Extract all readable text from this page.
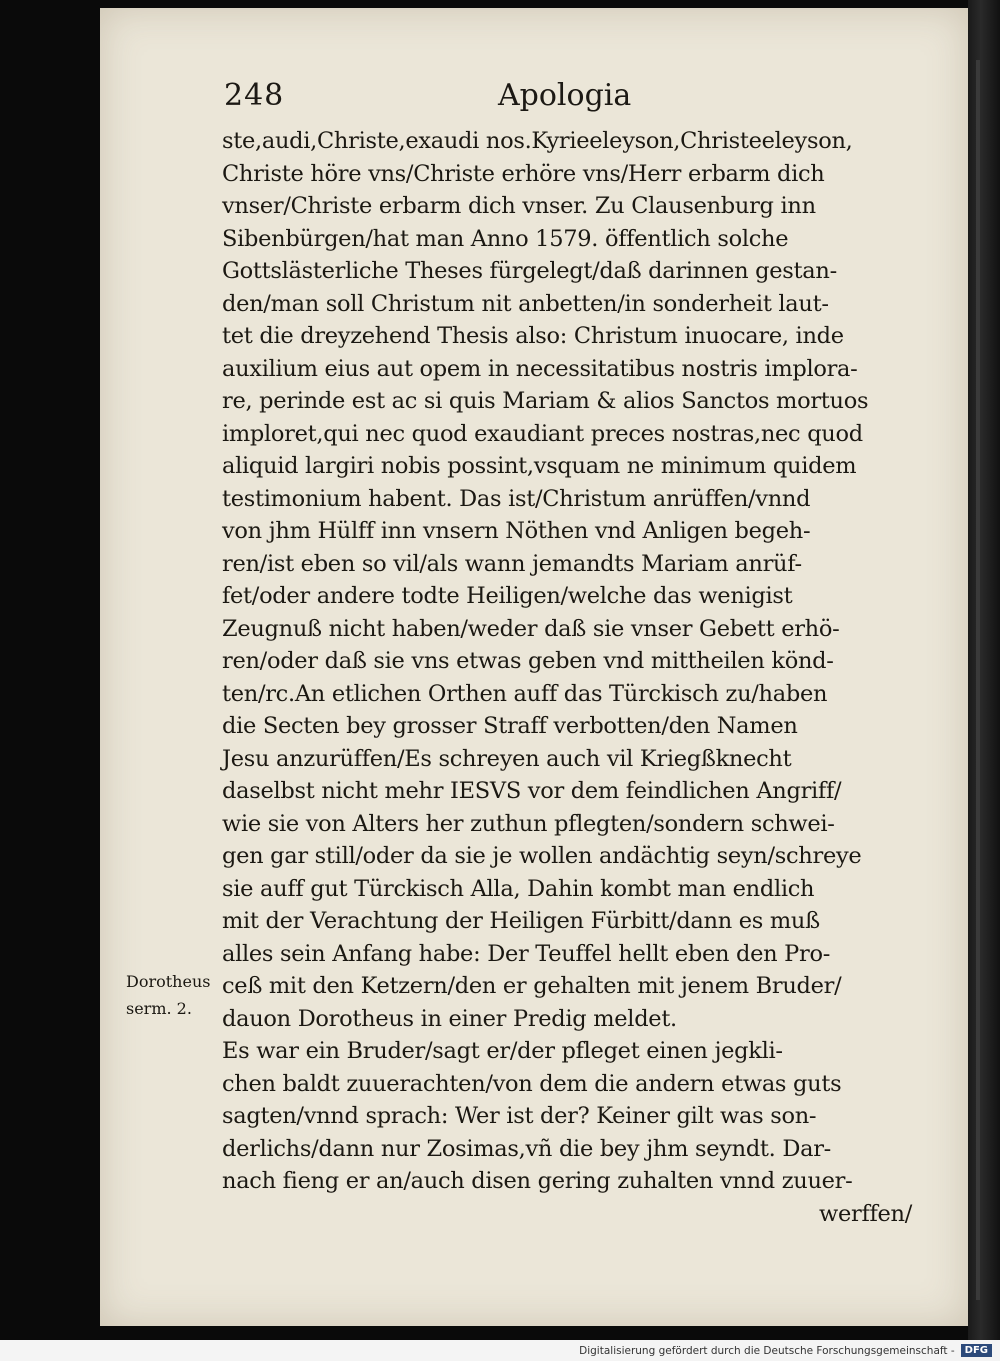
248	Apologia
ste,audi,Christe,exaudi nos.Kyrieeleyson,Christeeleyson,
Christe höre vns/Christe erhöre vns/Herr erbarm dich
vnser/Christe erbarm dich vnser. Zu Clausenburg inn
Sibenbürgen/hat man Anno 1579. öffentlich solche
Gottslästerliche Theses fürgelegt/daß darinnen gestan-
den/man soll Christum nit anbetten/in sonderheit laut-
tet die dreyzehend Thesis also: Christum inuocare, inde
auxilium eius aut opem in necessitatibus nostris implora-
re, perinde est ac si quis Mariam & alios Sanctos mortuos
imploret,qui nec quod exaudiant preces nostras,nec quod
aliquid largiri nobis possint,vsquam ne minimum quidem
testimonium habent. Das ist/Christum anrüffen/vnnd
von jhm Hülff inn vnsern Nöthen vnd Anligen begeh-
ren/ist eben so vil/als wann jemandts Mariam anrüf-
fet/oder andere todte Heiligen/welche das wenigist
Zeugnuß nicht haben/weder daß sie vnser Gebett erhö-
ren/oder daß sie vns etwas geben vnd mittheilen könd-
ten/rc.An etlichen Orthen auff das Türckisch zu/haben
die Secten bey grosser Straff verbotten/den Namen
Jesu anzurüffen/Es schreyen auch vil Kriegßknecht
daselbst nicht mehr IESVS vor dem feindlichen Angriff/
wie sie von Alters her zuthun pflegten/sondern schwei-
gen gar still/oder da sie je wollen andächtig seyn/schreye
sie auff gut Türckisch Alla, Dahin kombt man endlich
mit der Verachtung der Heiligen Fürbitt/dann es muß
alles sein Anfang habe: Der Teuffel hellt eben den Pro-
ceß mit den Ketzern/den er gehalten mit jenem Bruder/
dauon Dorotheus in einer Predig meldet.
Es war ein Bruder/sagt er/der pfleget einen jegkli-
chen baldt zuuerachten/von dem die andern etwas guts
sagten/vnnd sprach: Wer ist der? Keiner gilt was son-
derlichs/dann nur Zosimas,vñ die bey jhm seyndt. Dar-
nach fieng er an/auch disen gering zuhalten vnnd zuuer-
werffen/
Dorotheus
serm. 2.
Digitalisierung gefördert durch die Deutsche Forschungsgemeinschaft -	DFG
